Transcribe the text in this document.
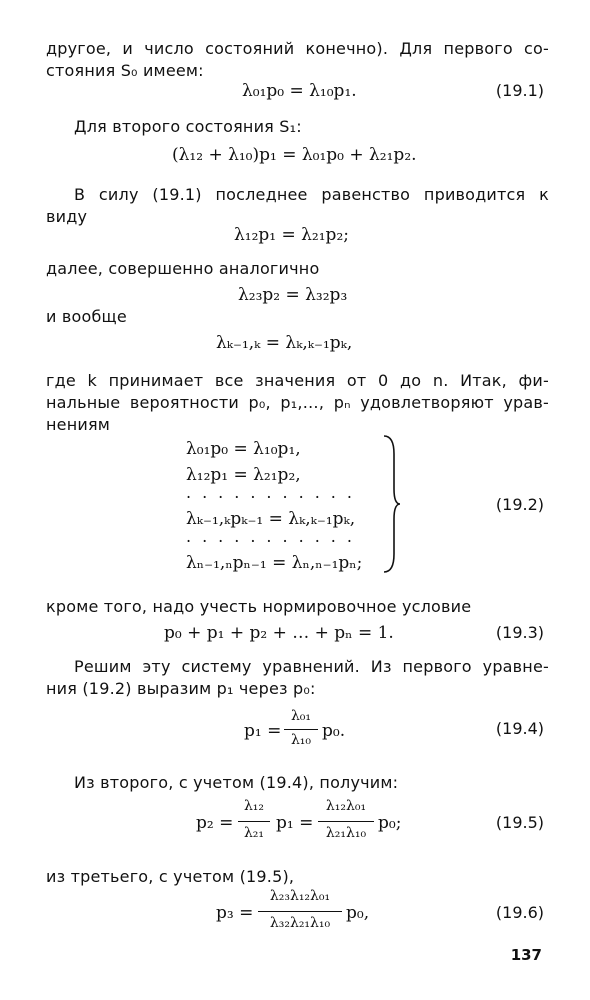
другое, и число состояний конечно). Для первого со-
стояния S₀ имеем:
λ₀₁p₀ = λ₁₀p₁.	(19.1)
Для второго состояния S₁:
(λ₁₂ + λ₁₀)p₁ = λ₀₁p₀ + λ₂₁p₂.
В силу (19.1) последнее равенство приводится к
виду
λ₁₂p₁ = λ₂₁p₂;
далее, совершенно аналогично
λ₂₃p₂ = λ₃₂p₃
и вообще
λₖ₋₁,ₖ = λₖ,ₖ₋₁pₖ,
где k принимает все значения от 0 до n. Итак, фи-
нальные вероятности p₀, p₁,…, pₙ удовлетворяют урав-
нениям
λ₀₁p₀ = λ₁₀p₁,
λ₁₂p₁ = λ₂₁p₂,
...........
λₖ₋₁,ₖpₖ₋₁ = λₖ,ₖ₋₁pₖ,
...........
λₙ₋₁,ₙpₙ₋₁ = λₙ,ₙ₋₁pₙ;
(19.2)
кроме того, надо учесть нормировочное условие
p₀ + p₁ + p₂ + … + pₙ = 1.	(19.3)
Решим эту систему уравнений. Из первого уравне-
ния (19.2) выразим p₁ через p₀:
p₁ =
λ₀₁
λ₁₀ p₀.	(19.4)
Из второго, с учетом (19.4), получим:
p₂ =
λ₁₂
λ₂₁ p₁ =
λ₁₂λ₀₁
λ₂₁λ₁₀ p₀;	(19.5)
из третьего, с учетом (19.5),
p₃ =
λ₂₃λ₁₂λ₀₁
λ₃₂λ₂₁λ₁₀ p₀,	(19.6)
137
